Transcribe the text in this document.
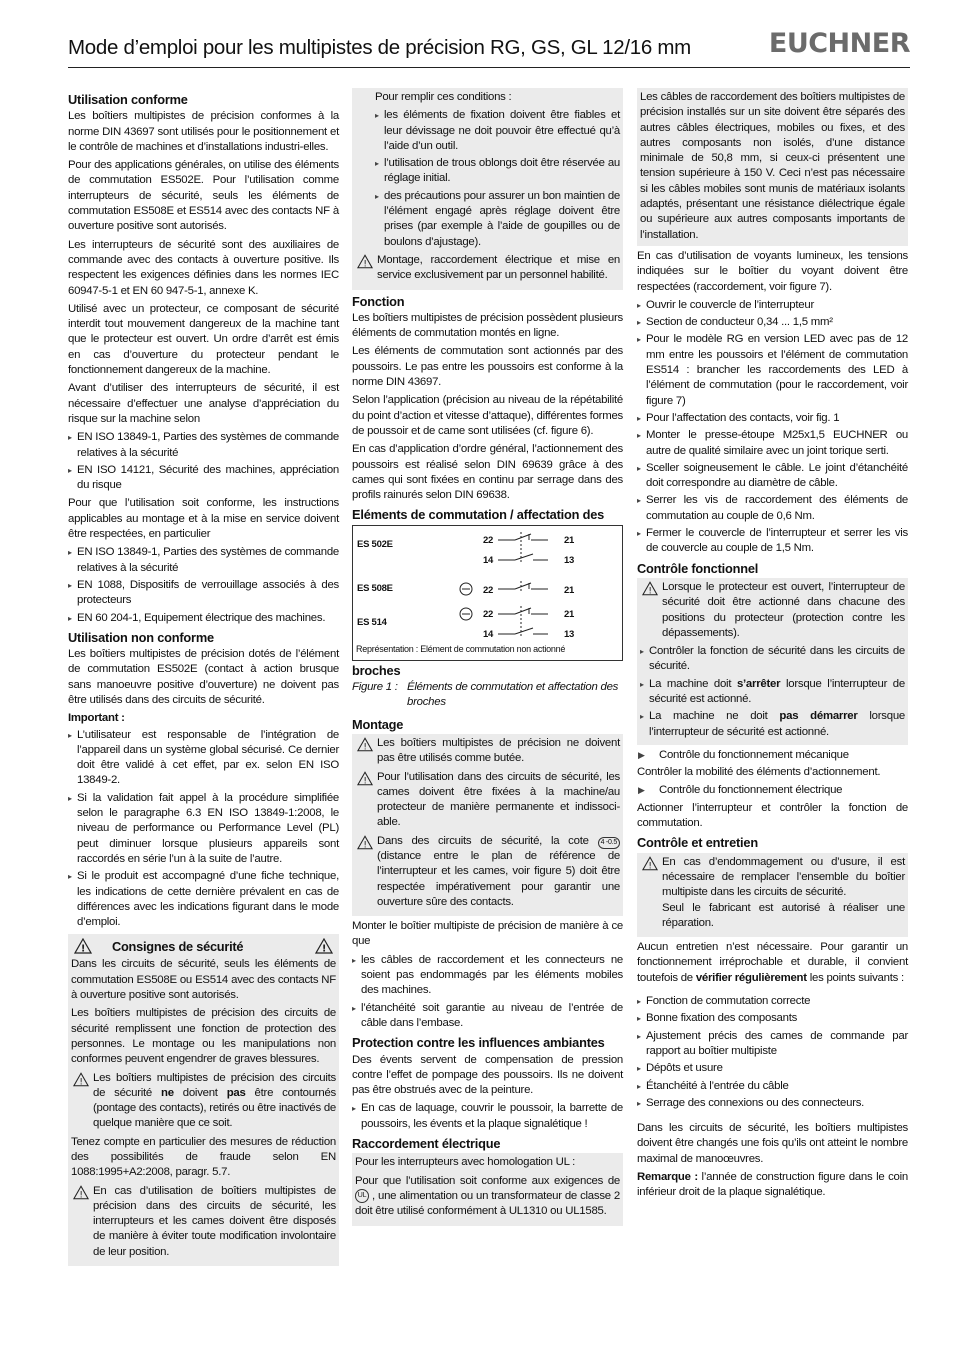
Mode d’emploi pour les multipistes de précision RG, GS, GL 12/16 mm	EUCHNER
Utilisation conforme

Les boîtiers multipistes de précision conformes à la norme DIN 43697 sont utilisés pour le positionnement et le contrôle de machines et d’installations industri-elles.

Pour des applications générales, on utilise des éléments de commutation ES502E. Pour l’utilisation comme interrupteurs de sécurité, seuls les éléments de commutation ES508E et ES514 avec des contacts NF à ouverture positive sont autorisés.

Les interrupteurs de sécurité sont des auxiliaires de commande avec des contacts à ouverture positive. Ils respectent les exigences définies dans les normes IEC 60947-5-1 et EN 60 947-5-1, annexe K.

Utilisé avec un protecteur, ce composant de sécurité interdit tout mouvement dangereux de la machine tant que le protecteur est ouvert. Un ordre d’arrêt est émis en cas d’ouverture du protecteur pendant le fonctionnement dangereux de la machine.

Avant d’utiliser des interrupteurs de sécurité, il est nécessaire d’effectuer une analyse d’appréciation du risque sur la machine selon

▸ EN ISO 13849-1, Parties des systèmes de commande relatives à la sécurité
▸ EN ISO 14121, Sécurité des machines, appréciation du risque

Pour que l’utilisation soit conforme, les instructions applicables au montage et à la mise en service doivent être respectées, en particulier

▸ EN ISO 13849-1, Parties des systèmes de commande relatives à la sécurité
▸ EN 1088, Dispositifs de verrouillage associés à des protecteurs
▸ EN 60 204-1, Equipement électrique des machines.
Utilisation non conforme

Les boîtiers multipistes de précision dotés de l’élément de commutation ES502E (contact à action brusque sans manoeuvre positive d’ouverture) ne doivent pas être utilisés dans des circuits de sécurité.

Important :
▸ L’utilisateur est responsable de l’intégration de l’appareil dans un système global sécurisé. Ce dernier doit être validé à cet effet, par ex. selon EN ISO 13849-2.
▸ Si la validation fait appel à la procédure simplifiée selon le paragraphe 6.3 EN ISO 13849-1:2008, le niveau de performance ou Performance Level (PL) peut diminuer lorsque plusieurs appareils sont raccordés en série l’un à la suite de l’autre.
▸ Si le produit est accompagné d’une fiche technique, les indications de cette dernière prévalent en cas de différences avec les indications figurant dans le mode d’emploi.
!	Consignes de sécurité	!

Dans les circuits de sécurité, seuls les éléments de commutation ES508E ou ES514 avec des contacts NF à ouverture positive sont autorisés.

Les boîtiers multipistes de précision des circuits de sécurité remplissent une fonction de protection des personnes. Le montage ou les manipulations non conformes peuvent engendrer de graves blessures.

! Les boîtiers multipistes de précision des circuits de sécurité ne doivent pas être contournés (pontage des contacts), retirés ou être inactivés de quelque manière que ce soit.

Tenez compte en particulier des mesures de réduction des possibilités de fraude selon EN 1088:1995+A2:2008, paragr. 5.7.

! En cas d’utilisation de boîtiers multipistes de précision dans des circuits de sécurité, les interrupteurs et les cames doivent être disposés de manière à éviter toute modification involontaire de leur position.

Pour remplir ces conditions :

▸ les éléments de fixation doivent être fiables et leur dévissage ne doit pouvoir être effectué qu’à l’aide d’un outil.
▸ l’utilisation de trous oblongs doit être réservée au réglage initial.
▸ des précautions pour assurer un bon maintien de l’élément engagé après réglage doivent être prises (par exemple à l’aide de goupilles ou de boulons d’ajustage).
! Montage, raccordement électrique et mise en service exclusivement par un personnel habilité.
Fonction

Les boîtiers multipistes de précision possèdent plusieurs éléments de commutation montés en ligne.

Les éléments de commutation sont actionnés par des poussoirs. Le pas entre les poussoirs est conforme à la norme DIN 43697.

Selon l’application (précision au niveau de la répétabilité du point d’action et vitesse d’attaque), différentes formes de poussoir et de came sont utilisées (cf. figure 6).

En cas d’application d’ordre général, l’actionnement des poussoirs est réalisé selon DIN 69639 grâce à des cames qui sont fixées en continu par serrage dans des profils rainurés selon DIN 69638.

Eléments de commutation / affectation des
ES 502E
ES 508E
ES 514
22	21
14	13
22	21
22	21
14	13
Représentation : Elément de commutation non actionné
broches
Figure 1 : Éléments de commutation et affectation des broches
Montage
! Les boîtiers multipistes de précision ne doivent pas être utilisés comme butée.
! Pour l’utilisation dans des circuits de sécurité, les cames doivent être fixées à la machine/au protecteur de manière permanente et indissoci-able.
! Dans des circuits de sécurité, la cote 4 -0.5 (distance entre le plan de référence de l’interrupteur et les cames, voir figure 5) doit être respectée impérativement pour garantir une ouverture sûre des contacts.

Monter le boîtier multipiste de précision de manière à ce que

▸ les câbles de raccordement et les connecteurs ne soient pas endommagés par les éléments mobiles des machines.
▸ l’étanchéité soit garantie au niveau de l’entrée de câble dans l’embase.
Protection contre les influences ambiantes

Des évents servent de compensation de pression contre l’effet de pompage des poussoirs. Ils ne doivent pas être obstrués avec de la peinture.

▸ En cas de laquage, couvrir le poussoir, la barrette de poussoirs, les évents et la plaque signalétique !
Raccordement électrique

Pour les interrupteurs avec homologation UL :

Pour que l’utilisation soit conforme aux exigences de UL , une alimentation ou un transformateur de classe 2 doit être utilisé conformément à UL1310 ou UL1585.

Les câbles de raccordement des boîtiers multipistes de précision installés sur un site doivent être séparés des autres câbles électriques, mobiles ou fixes, et des autres composants non isolés, d’une distance minimale de 50,8 mm, si ceux-ci présentent une tension supérieure à 150 V. Ceci n’est pas nécessaire si les câbles mobiles sont munis de matériaux isolants adaptés, présentant une résistance diélectrique égale ou supérieure aux autres composants importants de l’installation.

En cas d’utilisation de voyants lumineux, les tensions indiquées sur le boîtier du voyant doivent être respectées (raccordement, voir figure 7).

▸ Ouvrir le couvercle de l’interrupteur
▸ Section de conducteur 0,34 ... 1,5 mm²
▸ Pour le modèle RG en version LED avec pas de 12 mm entre les poussoirs et l’élément de commutation ES514 : brancher les raccordements des LED à l’élément de commutation (pour le raccordement, voir figure 7)
▸ Pour l’affectation des contacts, voir fig. 1
▸ Monter le presse-étoupe M25x1,5 EUCHNER ou autre de qualité similaire avec un joint torique serti.
▸ Sceller soigneusement le câble. Le joint d’étanchéité doit correspondre au diamètre de câble.
▸ Serrer les vis de raccordement des éléments de commutation au couple de 0,6 Nm.
▸ Fermer le couvercle de l’interrupteur et serrer les vis de couvercle au couple de 1,5 Nm.
Contrôle fonctionnel
! Lorsque le protecteur est ouvert, l’interrupteur de sécurité doit être actionné dans chacune des positions du protecteur (protection contre les dépassements).
▸ Contrôler la fonction de sécurité dans les circuits de sécurité.
▸ La machine doit s’arrêter lorsque l’interrupteur de sécurité est actionné.
▸ La machine ne doit pas démarrer lorsque l’interrupteur de sécurité est actionné.
▶ Contrôle du fonctionnement mécanique

Contrôler la mobilité des éléments d’actionnement.

▶ Contrôle du fonctionnement électrique

Actionner l’interrupteur et contrôler la fonction de commutation.

Contrôle et entretien
! En cas d’endommagement ou d’usure, il est nécessaire de remplacer l’ensemble du boîtier multipiste dans les circuits de sécurité.
Seul le fabricant est autorisé à réaliser une réparation.

Aucun entretien n’est nécessaire. Pour garantir un fonctionnement irréprochable et durable, il convient toutefois de vérifier régulièrement les points suivants :

▸ Fonction de commutation correcte
▸ Bonne fixation des composants
▸ Ajustement précis des cames de commande par rapport au boîtier multipiste
▸ Dépôts et usure
▸ Étanchéité à l’entrée du câble
▸ Serrage des connexions ou des connecteurs.

Dans les circuits de sécurité, les boîtiers multipistes doivent être changés une fois qu’ils ont atteint le nombre maximal de manoœuvres.

Remarque : l’année de construction figure dans le coin inférieur droit de la plaque signalétique.
